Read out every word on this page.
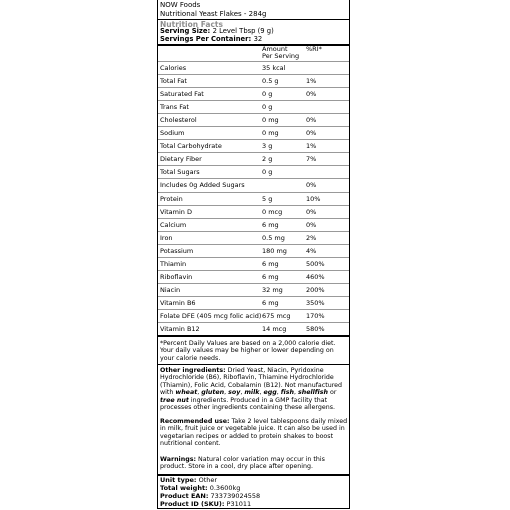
NOW Foods
Nutritional Yeast Flakes - 284g
Nutrition Facts
Serving Size: 2 Level Tbsp (9 g)
Servings Per Container: 32
Amount
Per Serving
%RI*
Calories	35 kcal
Total Fat	0.5 g	1%
Saturated Fat	0 g	0%
Trans Fat	0 g
Cholesterol	0 mg	0%
Sodium	0 mg	0%
Total Carbohydrate	3 g	1%
Dietary Fiber	2 g	7%
Total Sugars	0 g
Includes 0g Added Sugars	0%
Protein	5 g	10%
Vitamin D	0 mcg	0%
Calcium	6 mg	0%
Iron	0.5 mg	2%
Potassium	180 mg	4%
Thiamin	6 mg	500%
Riboflavin	6 mg	460%
Niacin	32 mg	200%
Vitamin B6	6 mg	350%
Folate DFE (405 mcg folic acid) 675 mcg 170%
Vitamin B12	14 mcg	580%
*Percent Daily Values are based on a 2,000 calorie diet. Your daily values may be higher or lower depending on your calorie needs.
Other ingredients: Dried Yeast, Niacin, Pyridoxine Hydrochloride (B6), Riboflavin, Thiamine Hydrochloride (Thiamin), Folic Acid, Cobalamin (B12). Not manufactured with wheat, gluten, soy, milk, egg, fish, shellfish or tree nut ingredients. Produced in a GMP facility that processes other ingredients containing these allergens.
Recommended use: Take 2 level tablespoons daily mixed in milk, fruit juice or vegetable juice. It can also be used in vegetarian recipes or added to protein shakes to boost nutritional content.
Warnings: Natural color variation may occur in this product. Store in a cool, dry place after opening.
Unit type: Other
Total weight: 0.3600kg
Product EAN: 733739024558
Product ID (SKU): P31011
